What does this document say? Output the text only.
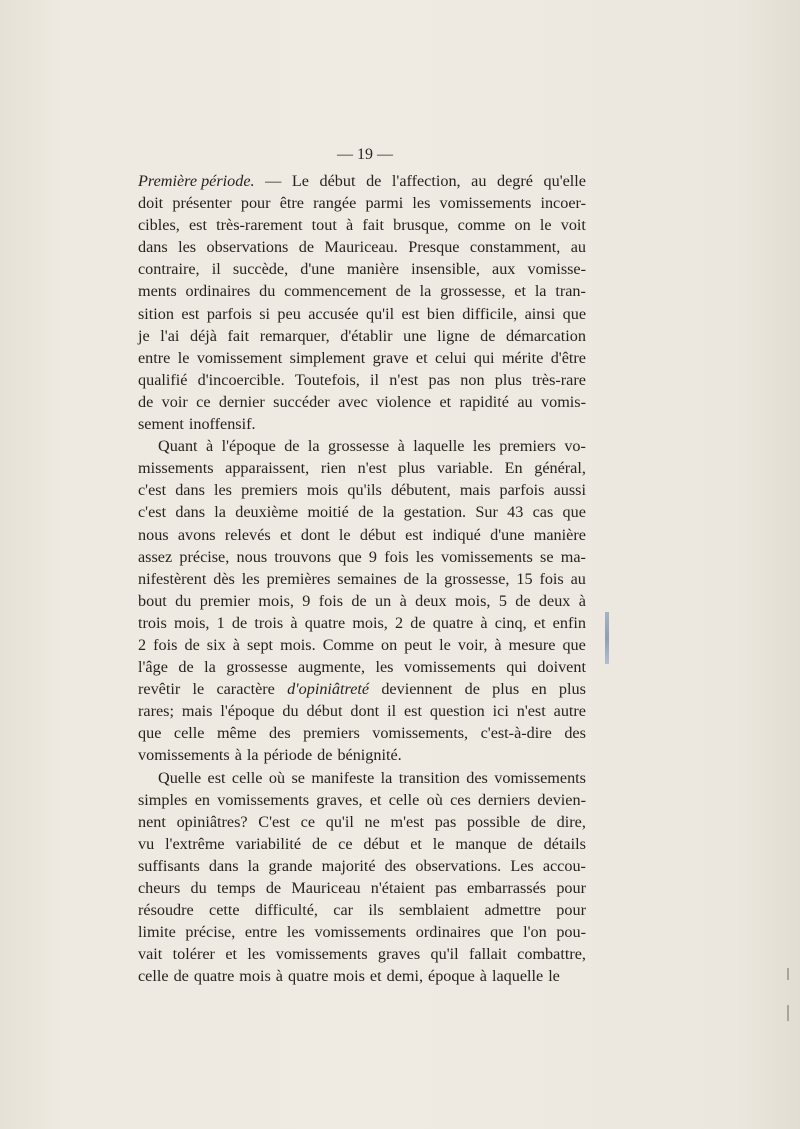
— 19 —
Première période. — Le début de l'affection, au degré qu'elle
doit présenter pour être rangée parmi les vomissements incoer-
cibles, est très-rarement tout à fait brusque, comme on le voit
dans les observations de Mauriceau. Presque constamment, au
contraire, il succède, d'une manière insensible, aux vomisse-
ments ordinaires du commencement de la grossesse, et la tran-
sition est parfois si peu accusée qu'il est bien difficile, ainsi que
je l'ai déjà fait remarquer, d'établir une ligne de démarcation
entre le vomissement simplement grave et celui qui mérite d'être
qualifié d'incoercible. Toutefois, il n'est pas non plus très-rare
de voir ce dernier succéder avec violence et rapidité au vomis-
sement inoffensif.
Quant à l'époque de la grossesse à laquelle les premiers vo-
missements apparaissent, rien n'est plus variable. En général,
c'est dans les premiers mois qu'ils débutent, mais parfois aussi
c'est dans la deuxième moitié de la gestation. Sur 43 cas que
nous avons relevés et dont le début est indiqué d'une manière
assez précise, nous trouvons que 9 fois les vomissements se ma-
nifestèrent dès les premières semaines de la grossesse, 15 fois au
bout du premier mois, 9 fois de un à deux mois, 5 de deux à
trois mois, 1 de trois à quatre mois, 2 de quatre à cinq, et enfin
2 fois de six à sept mois. Comme on peut le voir, à mesure que
l'âge de la grossesse augmente, les vomissements qui doivent
revêtir le caractère d'opiniâtreté deviennent de plus en plus
rares; mais l'époque du début dont il est question ici n'est autre
que celle même des premiers vomissements, c'est-à-dire des
vomissements à la période de bénignité.
Quelle est celle où se manifeste la transition des vomissements
simples en vomissements graves, et celle où ces derniers devien-
nent opiniâtres? C'est ce qu'il ne m'est pas possible de dire,
vu l'extrême variabilité de ce début et le manque de détails
suffisants dans la grande majorité des observations. Les accou-
cheurs du temps de Mauriceau n'étaient pas embarrassés pour
résoudre cette difficulté, car ils semblaient admettre pour
limite précise, entre les vomissements ordinaires que l'on pou-
vait tolérer et les vomissements graves qu'il fallait combattre,
celle de quatre mois à quatre mois et demi, époque à laquelle le
